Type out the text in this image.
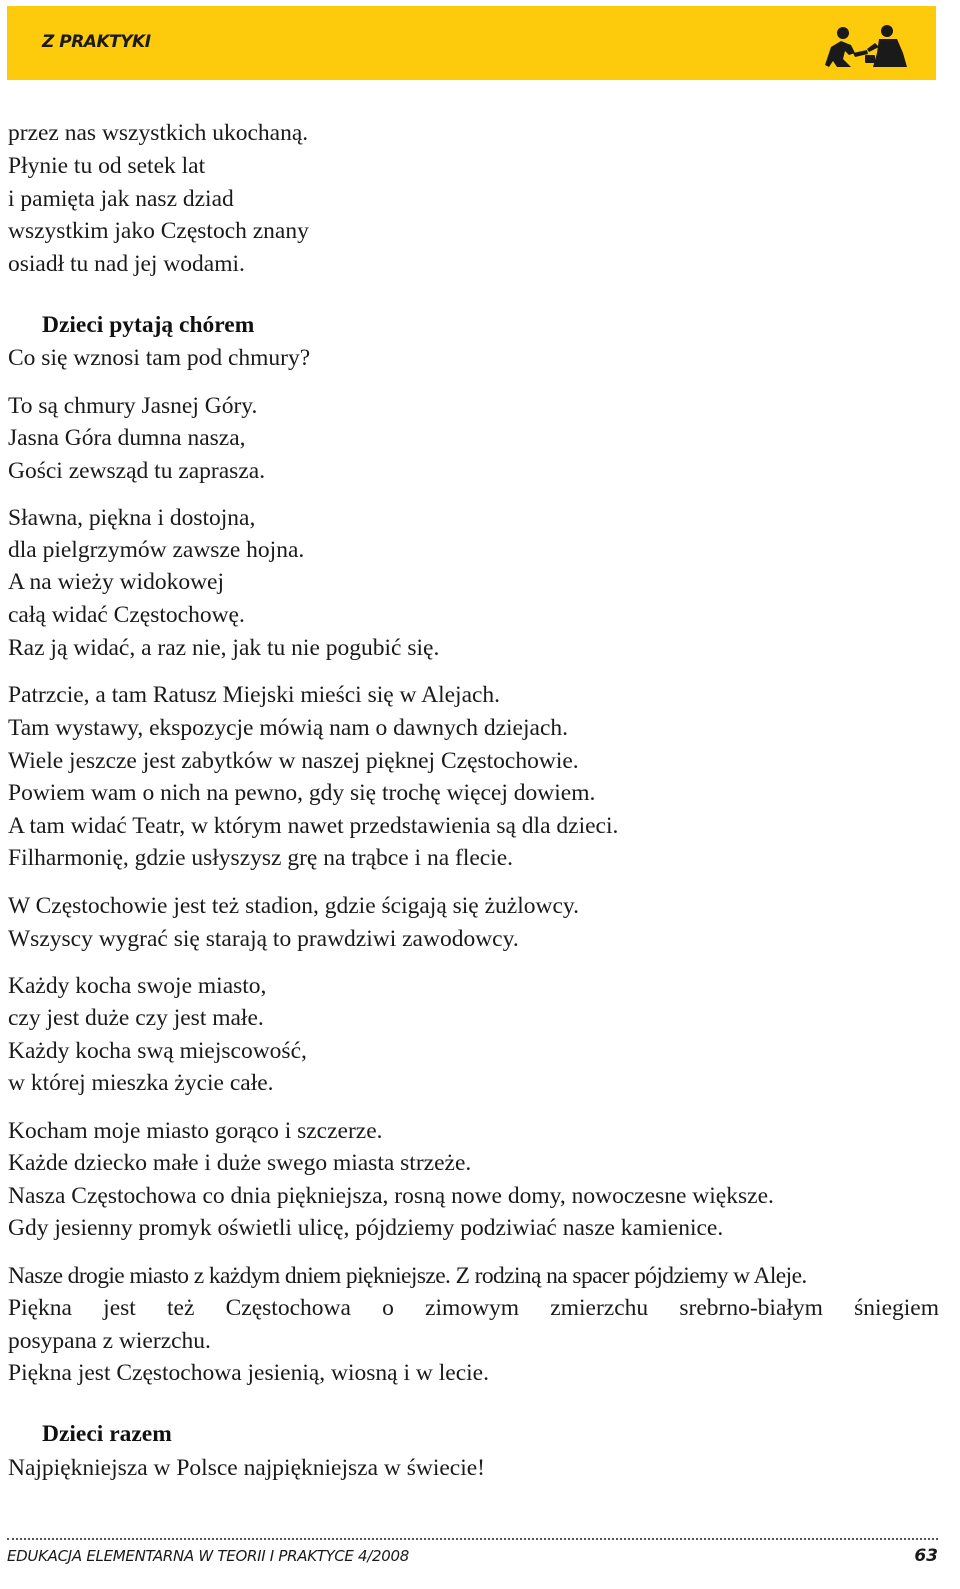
Z PRAKTYKI
przez nas wszystkich ukochaną.
Płynie tu od setek lat
i pamięta jak nasz dziad
wszystkim jako Częstoch znany
osiadł tu nad jej wodami.
Dzieci pytają chórem
Co się wznosi tam pod chmury?
To są chmury Jasnej Góry.
Jasna Góra dumna nasza,
Gości zewsząd tu zaprasza.
Sławna, piękna i dostojna,
dla pielgrzymów zawsze hojna.
A na wieży widokowej
całą widać Częstochowę.
Raz ją widać, a raz nie, jak tu nie pogubić się.
Patrzcie, a tam Ratusz Miejski mieści się w Alejach.
Tam wystawy, ekspozycje mówią nam o dawnych dziejach.
Wiele jeszcze jest zabytków w naszej pięknej Częstochowie.
Powiem wam o nich na pewno, gdy się trochę więcej dowiem.
A tam widać Teatr, w którym nawet przedstawienia są dla dzieci.
Filharmonię, gdzie usłyszysz grę na trąbce i na flecie.
W Częstochowie jest też stadion, gdzie ścigają się żużlowcy.
Wszyscy wygrać się starają to prawdziwi zawodowcy.
Każdy kocha swoje miasto,
czy jest duże czy jest małe.
Każdy kocha swą miejscowość,
w której mieszka życie całe.
Kocham moje miasto gorąco i szczerze.
Każde dziecko małe i duże swego miasta strzeże.
Nasza Częstochowa co dnia piękniejsza, rosną nowe domy, nowoczesne większe.
Gdy jesienny promyk oświetli ulicę, pójdziemy podziwiać nasze kamienice.
Nasze drogie miasto z każdym dniem piękniejsze. Z rodziną na spacer pójdziemy w Aleje.
Piękna jest też Częstochowa o zimowym zmierzchu srebrno-białym śniegiem
posypana z wierzchu.
Piękna jest Częstochowa jesienią, wiosną i w lecie.
Dzieci razem
Najpiękniejsza w Polsce najpiękniejsza w świecie!
EDUKACJA ELEMENTARNA W TEORII I PRAKTYCE 4/2008	63
